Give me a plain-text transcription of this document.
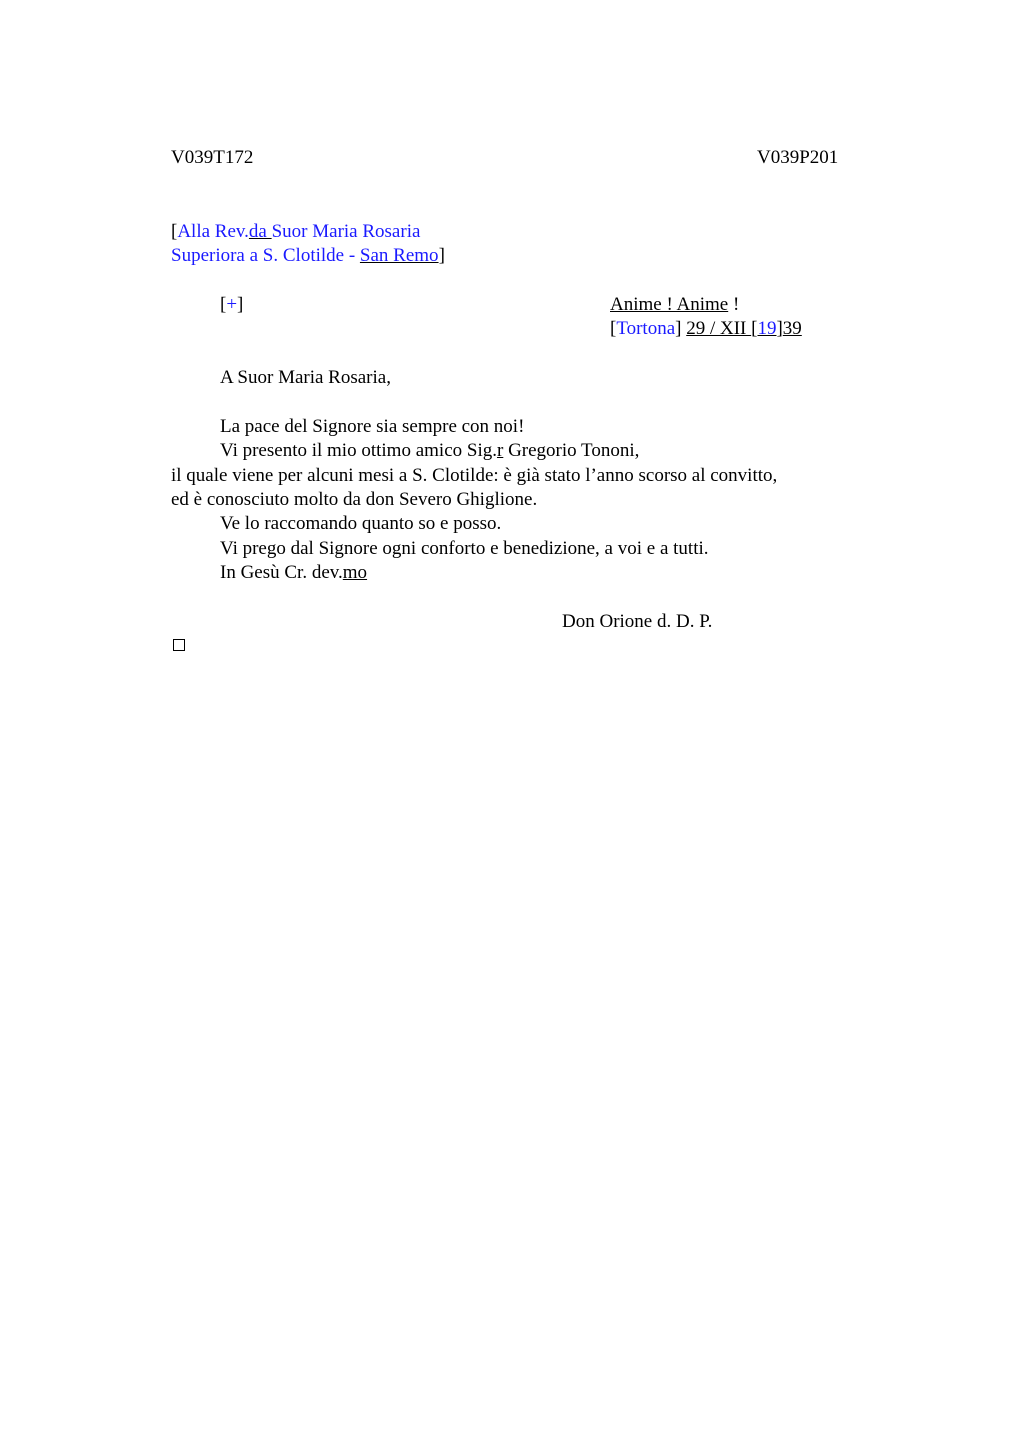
V039T172	V039P201
[Alla Rev.da Suor Maria Rosaria
Superiora a S. Clotilde - San Remo]
[+]	Anime ! Anime !
[Tortona] 29 / XII [19]39
A Suor Maria Rosaria,
La pace del Signore sia sempre con noi!
Vi presento il mio ottimo amico Sig.r Gregorio Tononi,
il quale viene per alcuni mesi a S. Clotilde: è già stato l’anno scorso al convitto,
ed è conosciuto molto da don Severo Ghiglione.
Ve lo raccomando quanto so e posso.
Vi prego dal Signore ogni conforto e benedizione, a voi e a tutti.
In Gesù Cr. dev.mo
Don Orione d. D. P.
